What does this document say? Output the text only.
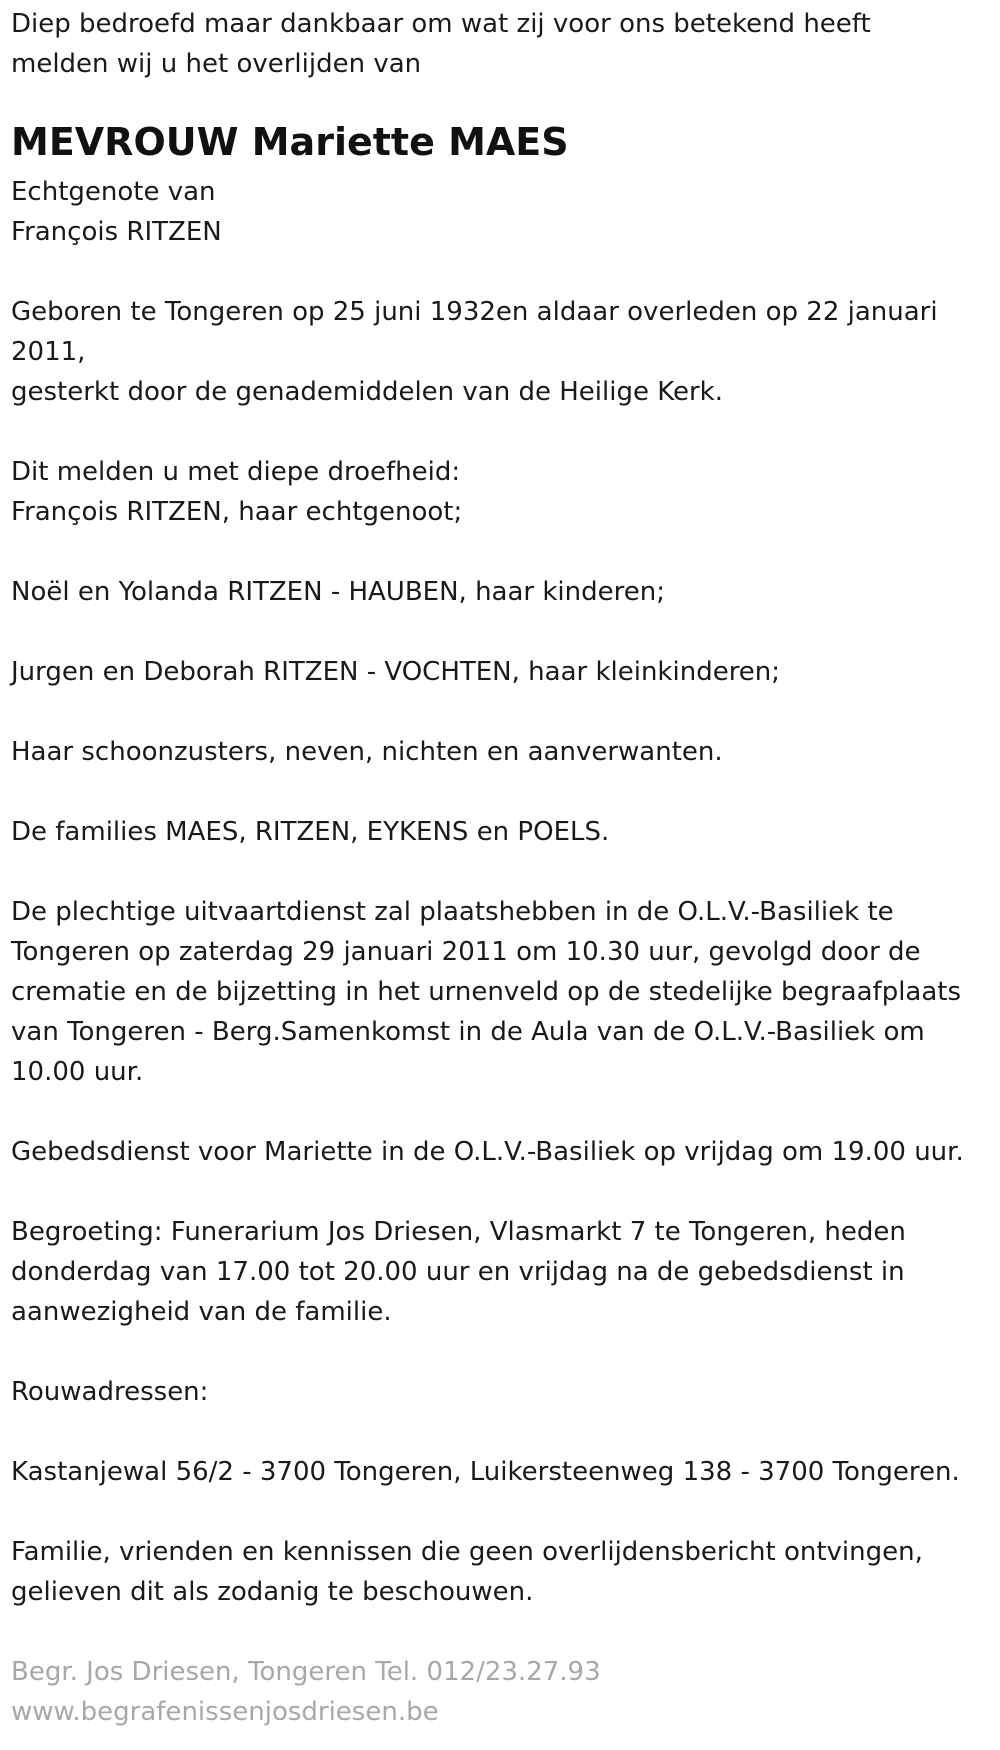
Diep bedroefd maar dankbaar om wat zij voor ons betekend heeft
melden wij u het overlijden van

MEVROUW Mariette MAES

Echtgenote van
François RITZEN

Geboren te Tongeren op 25 juni 1932en aldaar overleden op 22 januari
2011,
gesterkt door de genademiddelen van de Heilige Kerk.

Dit melden u met diepe droefheid:
François RITZEN, haar echtgenoot;

Noël en Yolanda RITZEN - HAUBEN, haar kinderen;

Jurgen en Deborah RITZEN - VOCHTEN, haar kleinkinderen;

Haar schoonzusters, neven, nichten en aanverwanten.

De families MAES, RITZEN, EYKENS en POELS.

De plechtige uitvaartdienst zal plaatshebben in de O.L.V.-Basiliek te
Tongeren op zaterdag 29 januari 2011 om 10.30 uur, gevolgd door de
crematie en de bijzetting in het urnenveld op de stedelijke begraafplaats
van Tongeren - Berg.Samenkomst in de Aula van de O.L.V.-Basiliek om
10.00 uur.

Gebedsdienst voor Mariette in de O.L.V.-Basiliek op vrijdag om 19.00 uur.

Begroeting: Funerarium Jos Driesen, Vlasmarkt 7 te Tongeren, heden
donderdag van 17.00 tot 20.00 uur en vrijdag na de gebedsdienst in
aanwezigheid van de familie.

Rouwadressen:

Kastanjewal 56/2 - 3700 Tongeren, Luikersteenweg 138 - 3700 Tongeren.

Familie, vrienden en kennissen die geen overlijdensbericht ontvingen,
gelieven dit als zodanig te beschouwen.

Begr. Jos Driesen, Tongeren Tel. 012/23.27.93
www.begrafenissenjosdriesen.be
